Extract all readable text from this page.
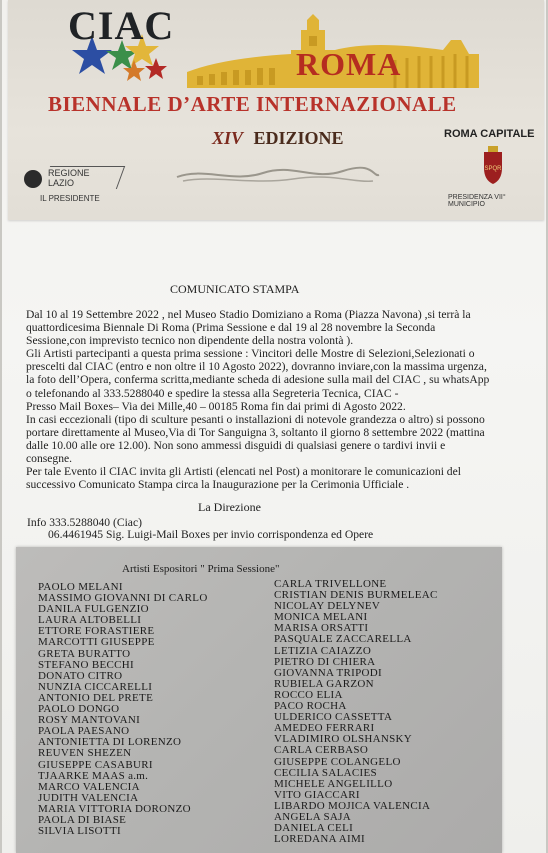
CIAC
ROMA
BIENNALE D’ARTE INTERNAZIONALE
XIV EDIZIONE
REGIONE LAZIO
IL PRESIDENTE
ROMA CAPITALE
SPQR
PRESIDENZA VII° MUNICIPIO
COMUNICATO STAMPA

Dal 10 al 19 Settembre 2022 , nel Museo Stadio Domiziano a Roma (Piazza Navona) ,si terrà la

quattordicesima Biennale Di Roma (Prima Sessione e dal 19 al 28 novembre la Seconda

Sessione,con imprevisto tecnico non dipendente della nostra volontà ).

Gli Artisti partecipanti a questa prima sessione : Vincitori delle Mostre di Selezioni,Selezionati o

prescelti dal CIAC (entro e non oltre il 10 Agosto 2022), dovranno inviare,con la massima urgenza,

la foto dell’Opera, conferma scritta,mediante scheda di adesione sulla mail del CIAC , su whatsApp

o telefonando al 333.5288040 e spedire la stessa alla Segreteria Tecnica, CIAC -

Presso Mail Boxes– Via dei Mille,40 – 00185 Roma fin dai primi di Agosto 2022.

In casi eccezionali (tipo di sculture pesanti o installazioni di notevole grandezza o altro) si possono

portare direttamente al Museo,Via di Tor Sanguigna 3, soltanto il giorno 8 settembre 2022 (mattina

dalle 10.00 alle ore 12.00). Non sono ammessi disguidi di qualsiasi genere o tardivi invii e

consegne.

Per tale Evento il CIAC invita gli Artisti (elencati nel Post) a monitorare le comunicazioni del

successivo Comunicato Stampa circa la Inaugurazione per la Cerimonia Ufficiale .

La Direzione
Info 333.5288040 (Ciac)
06.4461945 Sig. Luigi-Mail Boxes per invio corrispondenza ed Opere
Artisti Espositori " Prima Sessione"
PAOLO MELANI
MASSIMO GIOVANNI DI CARLO
DANILA FULGENZIO
LAURA ALTOBELLI
ETTORE FORASTIERE
MARCOTTI GIUSEPPE
GRETA BURATTO
STEFANO BECCHI
DONATO CITRO
NUNZIA CICCARELLI
ANTONIO DEL PRETE
PAOLO DONGO
ROSY MANTOVANI
PAOLA PAESANO
ANTONIETTA DI LORENZO
REUVEN SHEZEN
GIUSEPPE CASABURI
TJAARKE MAAS a.m.
MARCO VALENCIA
JUDITH VALENCIA
MARIA VITTORIA DORONZO
PAOLA DI BIASE
SILVIA LISOTTI
CARLA TRIVELLONE
CRISTIAN DENIS BURMELEAC
NICOLAY DELYNEV
MONICA MELANI
MARISA ORSATTI
PASQUALE ZACCARELLA
LETIZIA CAIAZZO
PIETRO DI CHIERA
GIOVANNA TRIPODI
RUBIELA GARZON
ROCCO ELIA
PACO ROCHA
ULDERICO CASSETTA
AMEDEO FERRARI
VLADIMIRO OLSHANSKY
CARLA CERBASO
GIUSEPPE COLANGELO
CECILIA SALACIES
MICHELE ANGELILLO
VITO GIACCARI
LIBARDO MOJICA VALENCIA
ANGELA SAJA
DANIELA CELI
LOREDANA AIMI
